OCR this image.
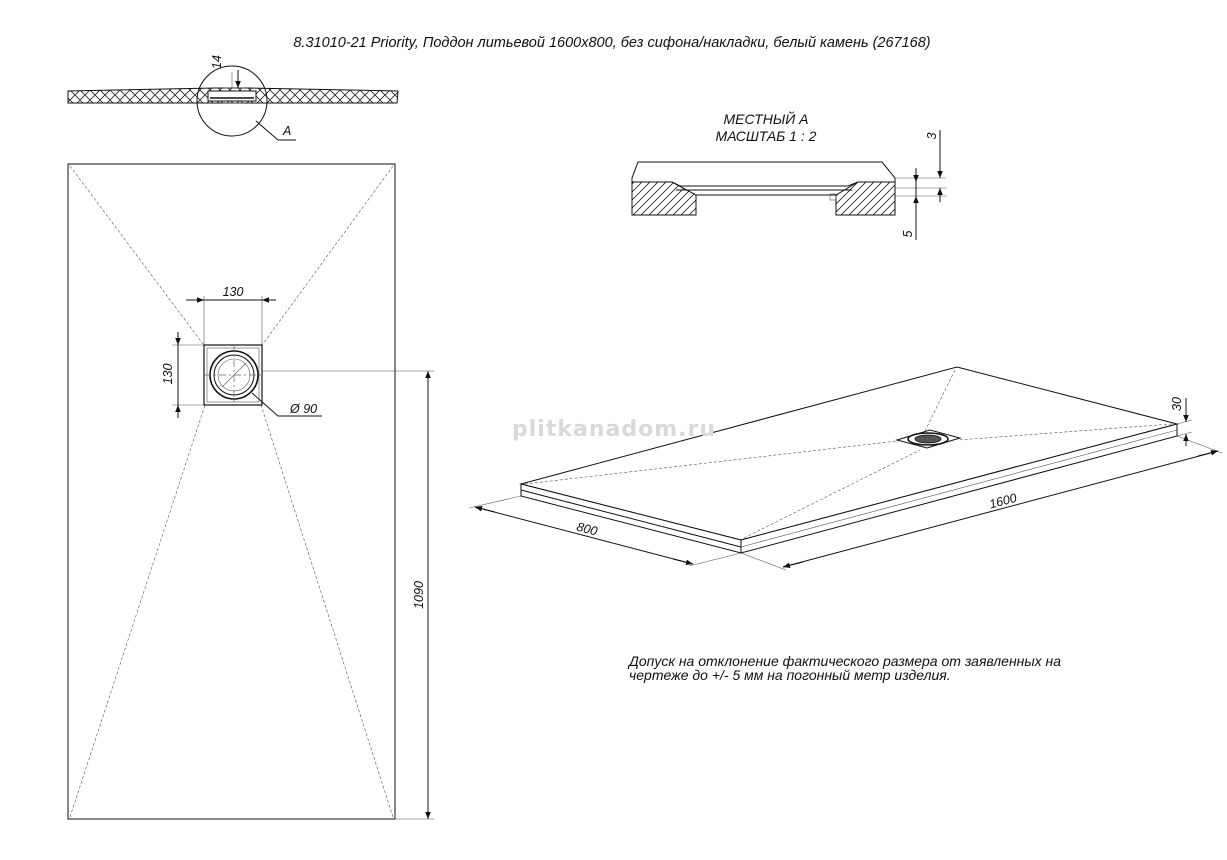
8.31010-21 Priority, Поддон литьевой 1600x800, без сифона/накладки, белый камень (267168)
A
14
130
130
Ø 90
1090
МЕСТНЫЙ А
МАСШТАБ 1 : 2	3
5
800
1600
30
plitkanadom.ru
Допуск на отклонение фактического размера от заявленных на
чертеже до +/- 5 мм на погонный метр изделия.
